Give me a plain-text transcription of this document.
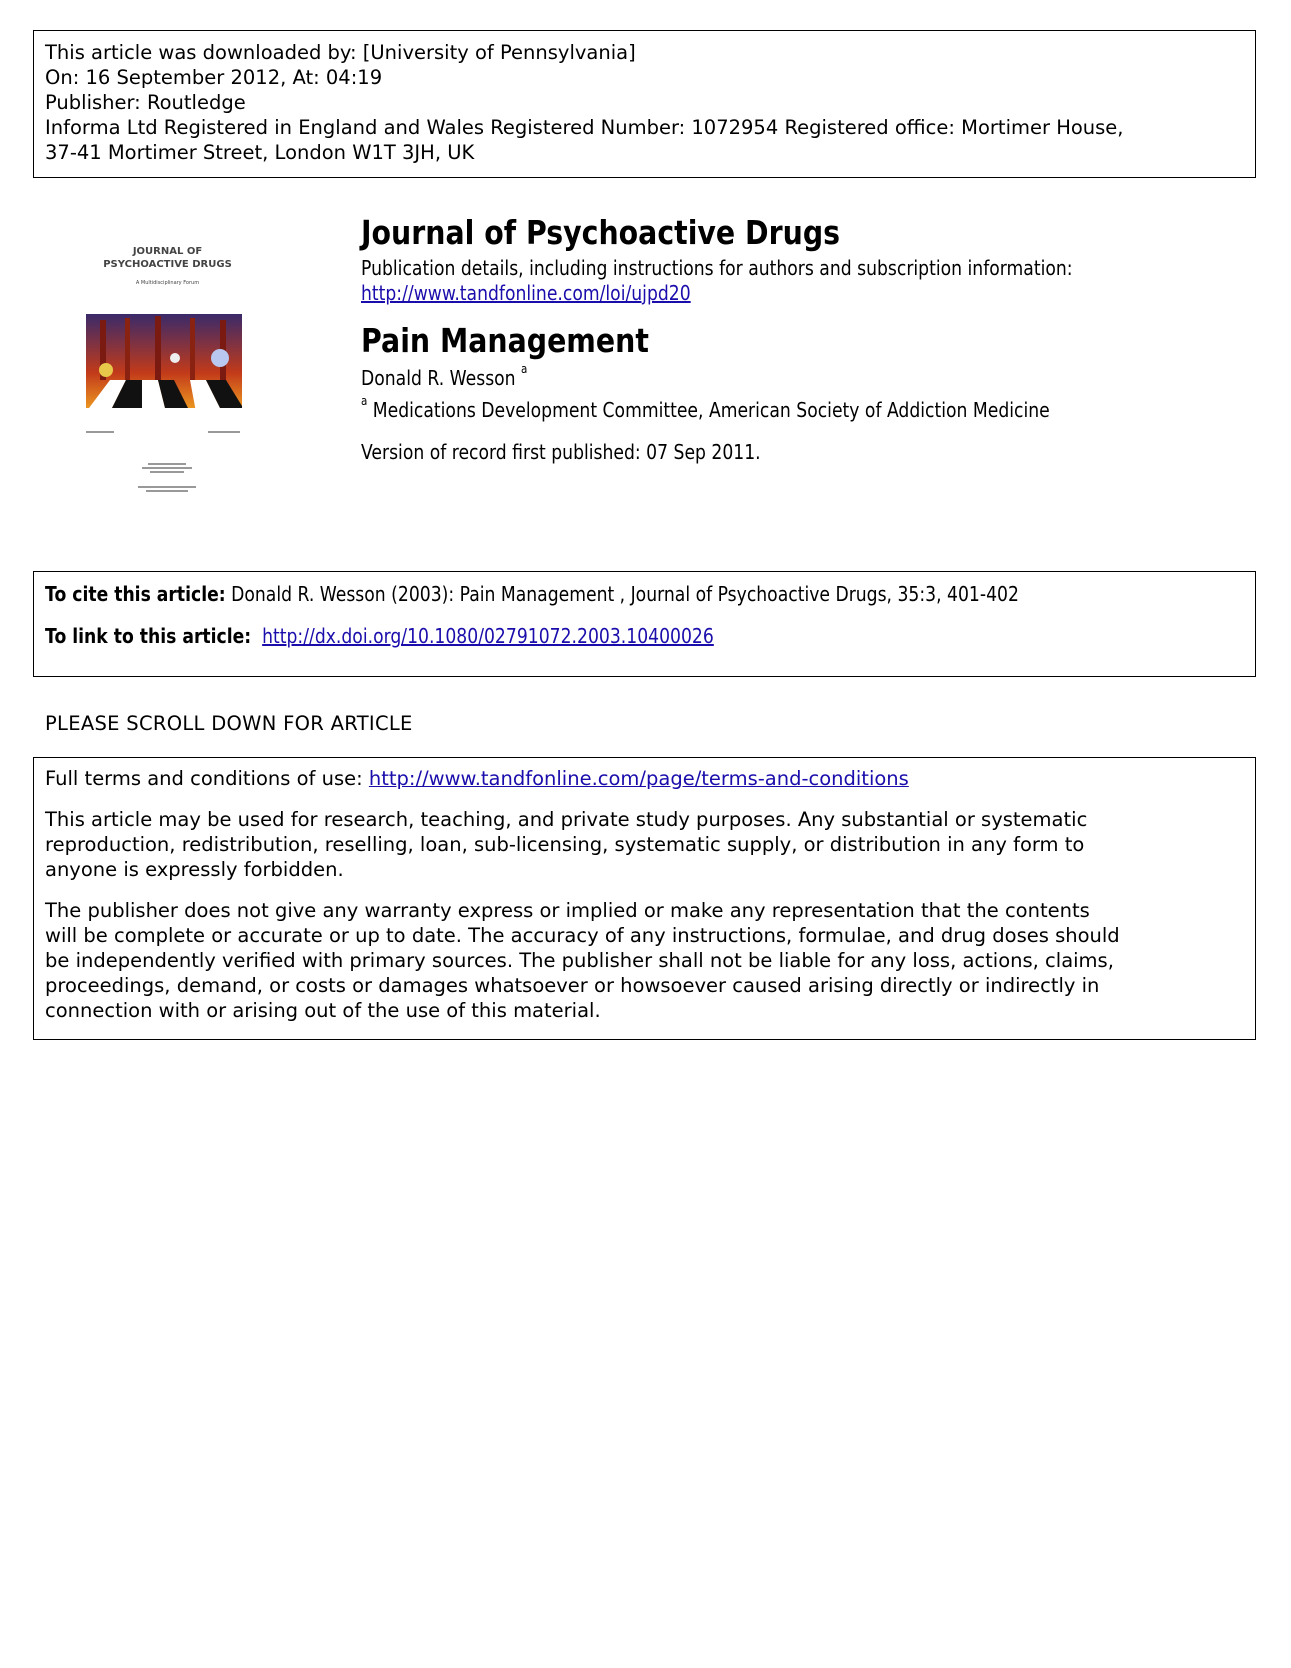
This article was downloaded by: [University of Pennsylvania]
On: 16 September 2012, At: 04:19
Publisher: Routledge
Informa Ltd Registered in England and Wales Registered Number: 1072954 Registered office: Mortimer House,
37-41 Mortimer Street, London W1T 3JH, UK
JOURNAL OF
PSYCHOACTIVE DRUGS
A Multidisciplinary Forum
Journal of Psychoactive Drugs
Publication details, including instructions for authors and subscription information:
http://www.tandfonline.com/loi/ujpd20
Pain Management
Donald R. Wesson $^a$
$^a$ Medications Development Committee, American Society of Addiction Medicine
Version of record first published: 07 Sep 2011.
To cite this article: Donald R. Wesson (2003): Pain Management , Journal of Psychoactive Drugs, 35:3, 401-402
To link to this article: http://dx.doi.org/10.1080/02791072.2003.10400026
PLEASE SCROLL DOWN FOR ARTICLE

Full terms and conditions of use: http://www.tandfonline.com/page/terms-and-conditions

This article may be used for research, teaching, and private study purposes. Any substantial or systematic
reproduction, redistribution, reselling, loan, sub-licensing, systematic supply, or distribution in any form to
anyone is expressly forbidden.

The publisher does not give any warranty express or implied or make any representation that the contents
will be complete or accurate or up to date. The accuracy of any instructions, formulae, and drug doses should
be independently verified with primary sources. The publisher shall not be liable for any loss, actions, claims,
proceedings, demand, or costs or damages whatsoever or howsoever caused arising directly or indirectly in
connection with or arising out of the use of this material.
